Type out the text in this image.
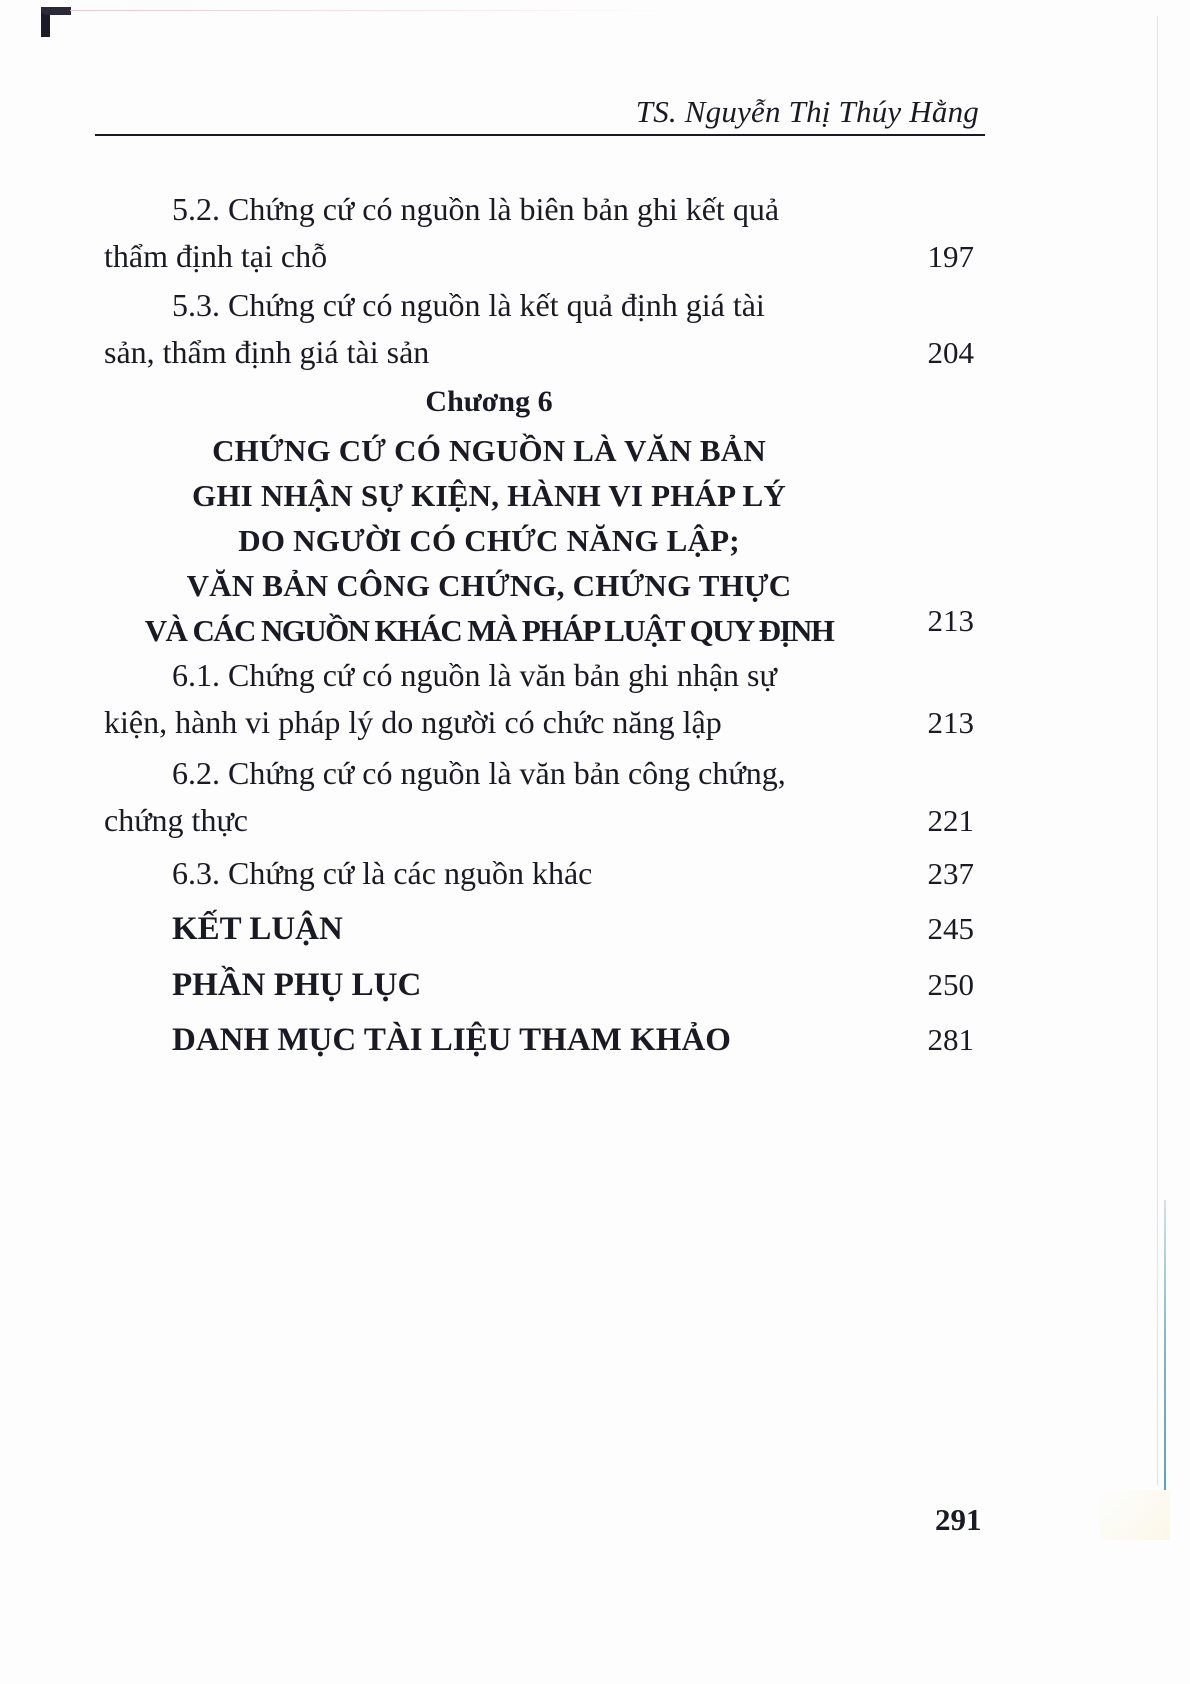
TS. Nguyễn Thị Thúy Hằng
5.2. Chứng cứ có nguồn là biên bản ghi kết quả
thẩm định tại chỗ	197
5.3. Chứng cứ có nguồn là kết quả định giá tài
sản, thẩm định giá tài sản	204
Chương 6
CHỨNG CỨ CÓ NGUỒN LÀ VĂN BẢN
GHI NHẬN SỰ KIỆN, HÀNH VI PHÁP LÝ
DO NGƯỜI CÓ CHỨC NĂNG LẬP;
VĂN BẢN CÔNG CHỨNG, CHỨNG THỰC
VÀ CÁC NGUỒN KHÁC MÀ PHÁP LUẬT QUY ĐỊNH	213
6.1. Chứng cứ có nguồn là văn bản ghi nhận sự
kiện, hành vi pháp lý do người có chức năng lập	213
6.2. Chứng cứ có nguồn là văn bản công chứng,
chứng thực	221
6.3. Chứng cứ là các nguồn khác	237
KẾT LUẬN	245
PHẦN PHỤ LỤC	250
DANH MỤC TÀI LIỆU THAM KHẢO	281
291
